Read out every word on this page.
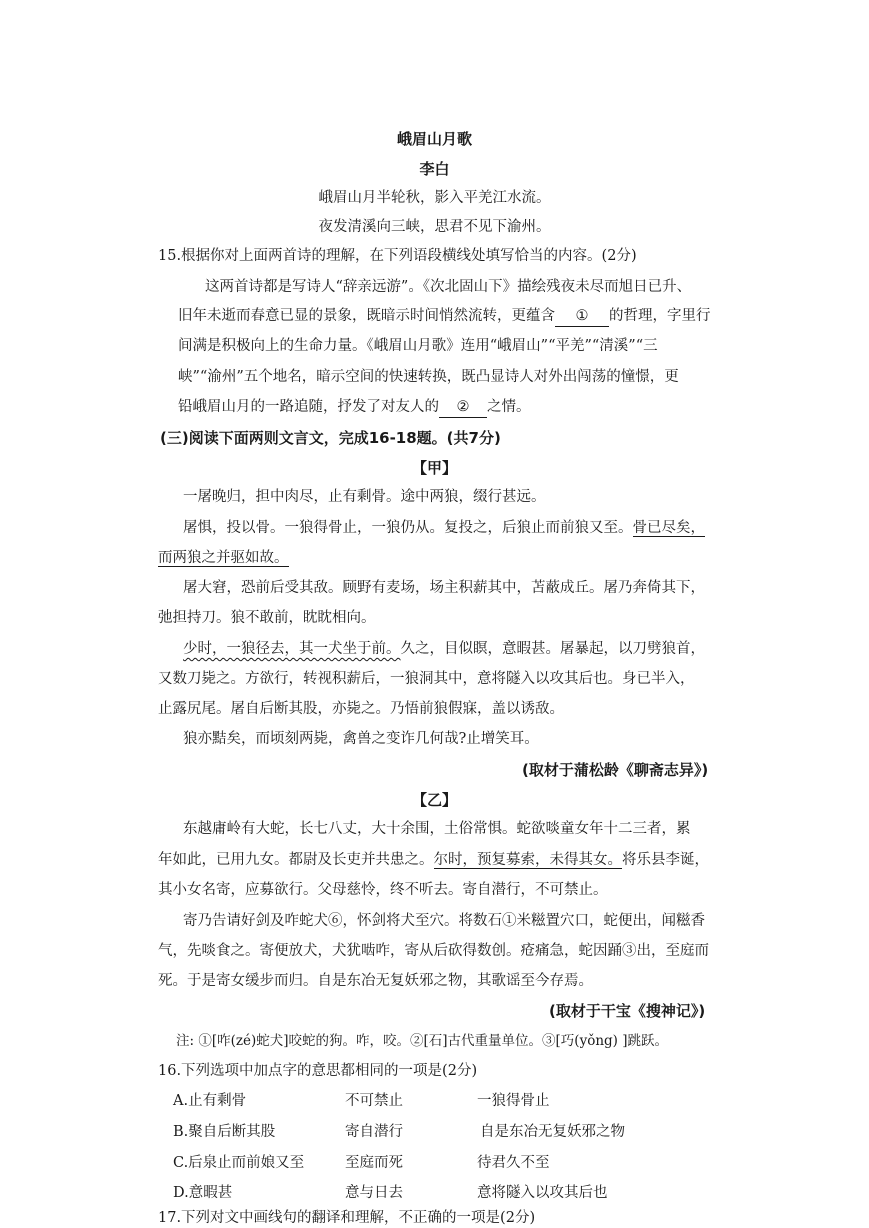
峨眉山月歌
李白
峨眉山月半轮秋，影入平羌江水流。
夜发清溪向三峡，思君不见下渝州。
15.根据你对上面两首诗的理解，在下列语段横线处填写恰当的内容。(2分)
这两首诗都是写诗人“辞亲远游”。《次北固山下》描绘残夜未尽而旭日已升、
旧年未逝而春意已显的景象，既暗示时间悄然流转，更蕴含 ① 的哲理，字里行
间满是积极向上的生命力量。《峨眉山月歌》连用“峨眉山”“平羌”“清溪”“三
峡”“渝州”五个地名，暗示空间的快速转换，既凸显诗人对外出闯荡的憧憬，更
铅峨眉山月的一路追随，抒发了对友人的 ② 之情。
(三)阅读下面两则文言文，完成16-18题。(共7分)
【甲】
一屠晚归，担中肉尽，止有剩骨。途中两狼，缀行甚远。
屠惧，投以骨。一狼得骨止，一狼仍从。复投之，后狼止而前狼又至。骨已尽矣，
而两狼之并驱如故。
屠大窘，恐前后受其敌。顾野有麦场，场主积薪其中，苫蔽成丘。屠乃奔倚其下，
弛担持刀。狼不敢前，眈眈相向。
少时，一狼径去，其一犬坐于前。久之，目似瞑，意暇甚。屠暴起，以刀劈狼首，
又数刀毙之。方欲行，转视积薪后，一狼洞其中，意将隧入以攻其后也。身已半入，
止露尻尾。屠自后断其股，亦毙之。乃悟前狼假寐，盖以诱敌。
狼亦黠矣，而顷刻两毙，禽兽之变诈几何哉?止增笑耳。
(取材于蒲松龄《聊斋志异》)
【乙】
东越庸岭有大蛇，长七八丈，大十余围，土俗常惧。蛇欲啖童女年十二三者，累
年如此，已用九女。都尉及长吏并共患之。尔时，预复募索，未得其女。将乐县李诞，
其小女名寄，应募欲行。父母慈怜，终不听去。寄自潜行，不可禁止。
寄乃告请好剑及咋蛇犬⑥，怀剑将犬至穴。将数石①米糍置穴口，蛇便出，闻糍香
气，先啖食之。寄便放犬，犬犹啮咋，寄从后砍得数创。疮痛急，蛇因踊③出，至庭而
死。于是寄女缓步而归。自是东冶无复妖邪之物，其歌谣至今存焉。
(取材于干宝《搜神记》)
注: ①[咋(zé)蛇犬]咬蛇的狗。咋，咬。②[石]古代重量单位。③[巧(yǒng) ]跳跃。
16.下列选项中加点字的意思都相同的一项是(2分)
A.止有剩骨	不可禁止	一狼得骨止
B.聚自后断其股	寄自潜行	自是东冶无复妖邪之物
C.后泉止而前娘又至	至庭而死	待君久不至
D.意暇甚	意与日去	意将隧入以攻其后也
17.下列对文中画线句的翻译和理解，不正确的一项是(2分)
